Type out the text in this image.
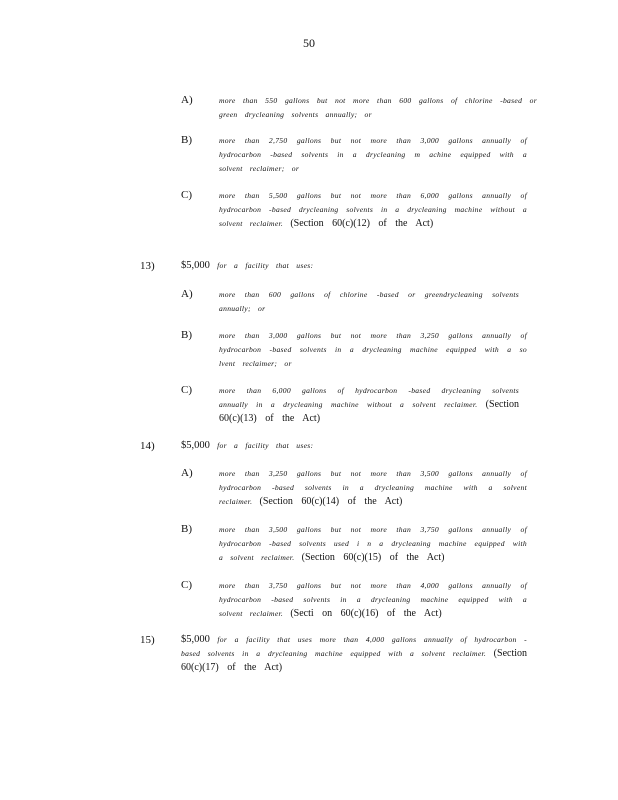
50
A)	more than 550 gallons but not more than 600 gallons of chlorine -based or green drycleaning solvents annually; or
B)	more than 2,750 gallons but not more than 3,000 gallons annually of hydrocarbon -based solvents in a drycleaning m achine equipped with a solvent reclaimer; or
C)	more than 5,500 gallons but not more than 6,000 gallons annually of hydrocarbon -based drycleaning solvents in a drycleaning machine without a solvent reclaimer. (Section 60(c)(12) of the Act)
13)	$5,000 for a facility that uses:
A)	more than 600 gallons of chlorine -based or greendrycleaning solvents annually; or
B)	more than 3,000 gallons but not more than 3,250 gallons annually of hydrocarbon -based solvents in a drycleaning machine equipped with a so lvent reclaimer; or
C)	more than 6,000 gallons of hydrocarbon -based drycleaning solvents annually in a drycleaning machine without a solvent reclaimer. (Section 60(c)(13) of the Act)
14)	$5,000 for a facility that uses:
A)	more than 3,250 gallons but not more than 3,500 gallons annually of hydrocarbon -based solvents in a drycleaning machine with a solvent reclaimer. (Section 60(c)(14) of the Act)
B)	more than 3,500 gallons but not more than 3,750 gallons annually of hydrocarbon -based solvents used i n a drycleaning machine equipped with a solvent reclaimer. (Section 60(c)(15) of the Act)
C)	more than 3,750 gallons but not more than 4,000 gallons annually of hydrocarbon -based solvents in a drycleaning machine equipped with a solvent reclaimer. (Secti on 60(c)(16) of the Act)
15)	$5,000 for a facility that uses more than 4,000 gallons annually of hydrocarbon -based solvents in a drycleaning machine equipped with a solvent reclaimer. (Section 60(c)(17) of the Act)
